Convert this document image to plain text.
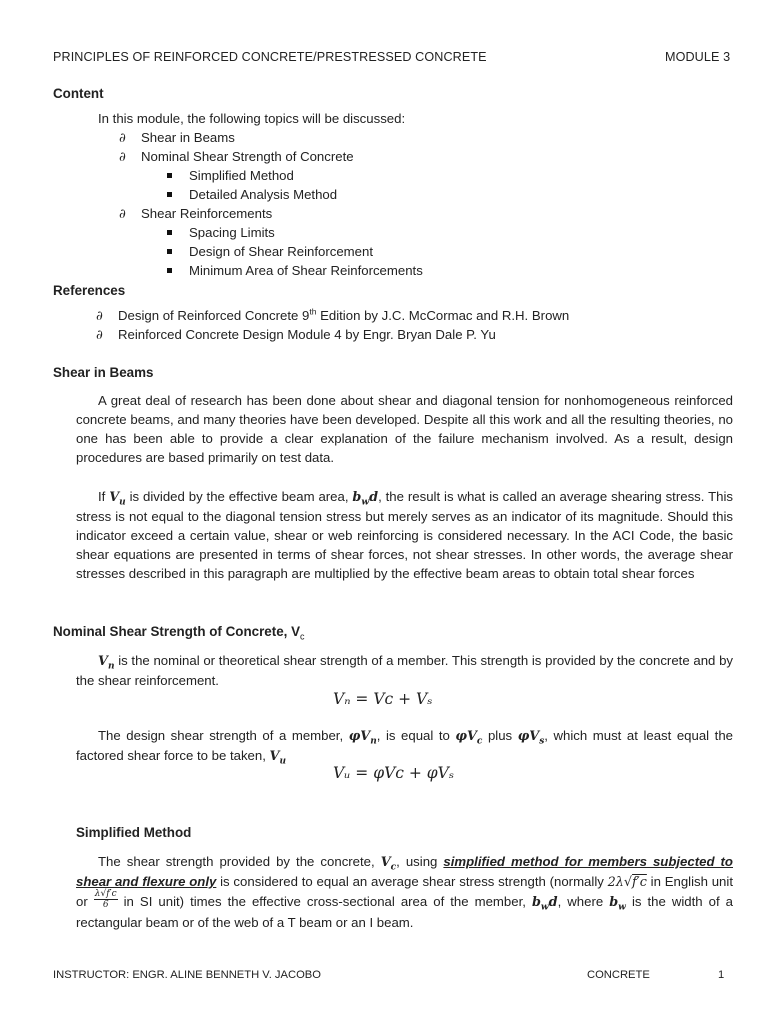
PRINCIPLES OF REINFORCED CONCRETE/PRESTRESSED CONCRETE	MODULE 3
Content
In this module, the following topics will be discussed:
∂ Shear in Beams
∂ Nominal Shear Strength of Concrete
Simplified Method
Detailed Analysis Method
∂ Shear Reinforcements
Spacing Limits
Design of Shear Reinforcement
Minimum Area of Shear Reinforcements
References
∂ Design of Reinforced Concrete 9th Edition by J.C. McCormac and R.H. Brown
∂ Reinforced Concrete Design Module 4 by Engr. Bryan Dale P. Yu
Shear in Beams
A great deal of research has been done about shear and diagonal tension for nonhomogeneous reinforced concrete beams, and many theories have been developed. Despite all this work and all the resulting theories, no one has been able to provide a clear explanation of the failure mechanism involved. As a result, design procedures are based primarily on test data.
If $V_u$ is divided by the effective beam area, $b_wd$, the result is what is called an average shearing stress. This stress is not equal to the diagonal tension stress but merely serves as an indicator of its magnitude. Should this indicator exceed a certain value, shear or web reinforcing is considered necessary. In the ACI Code, the basic shear equations are presented in terms of shear forces, not shear stresses. In other words, the average shear stresses described in this paragraph are multiplied by the effective beam areas to obtain total shear forces
Nominal Shear Strength of Concrete, $V_c$
$V_n$ is the nominal or theoretical shear strength of a member. This strength is provided by the concrete and by the shear reinforcement.
Vₙ = Vᴄ + Vₛ
The design shear strength of a member, $\varphi V_n$, is equal to $\varphi V_c$ plus $\varphi V_s$, which must at least equal the factored shear force to be taken, $V_u$
Vᵤ = φVᴄ + φVₛ
Simplified Method
The shear strength provided by the concrete, $V_c$, using simplified method for members subjected to shear and flexure only is considered to equal an average shear stress strength (normally 2λ√f′c in English unit or $\frac{\lambda√f'c}{6}$ in SI unit) times the effective cross-sectional area of the member, $b_wd$, where $b_w$ is the width of a rectangular beam or of the web of a T beam or an I beam.
INSTRUCTOR: ENGR. ALINE BENNETH V. JACOBO	CONCRETE	1
